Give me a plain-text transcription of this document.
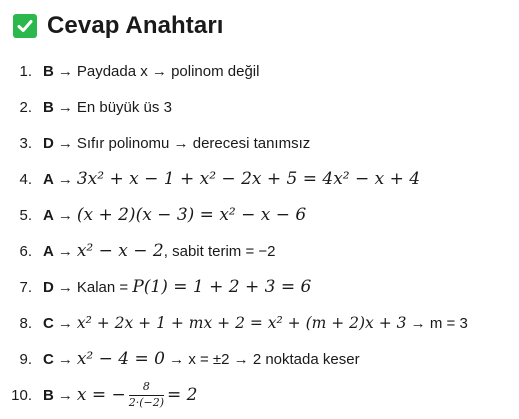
Cevap Anahtarı
1. B → Paydada x → polinom değil
2. B → En büyük üs 3
3. D → Sıfır polinomu → derecesi tanımsız
4. A → 3x² + x − 1 + x² − 2x + 5 = 4x² − x + 4
5. A → (x + 2)(x − 3) = x² − x − 6
6. A → x² − x − 2 , sabit terim = −2
7. D → Kalan = P(1) = 1 + 2 + 3 = 6
8. C → x² + 2x + 1 + mx + 2 = x² + (m + 2)x + 3 → m = 3
9. C → x² − 4 = 0 → x = ±2 → 2 noktada keser
10. B → x = − $\frac{8}{2\cdot(-2)} = 2$
